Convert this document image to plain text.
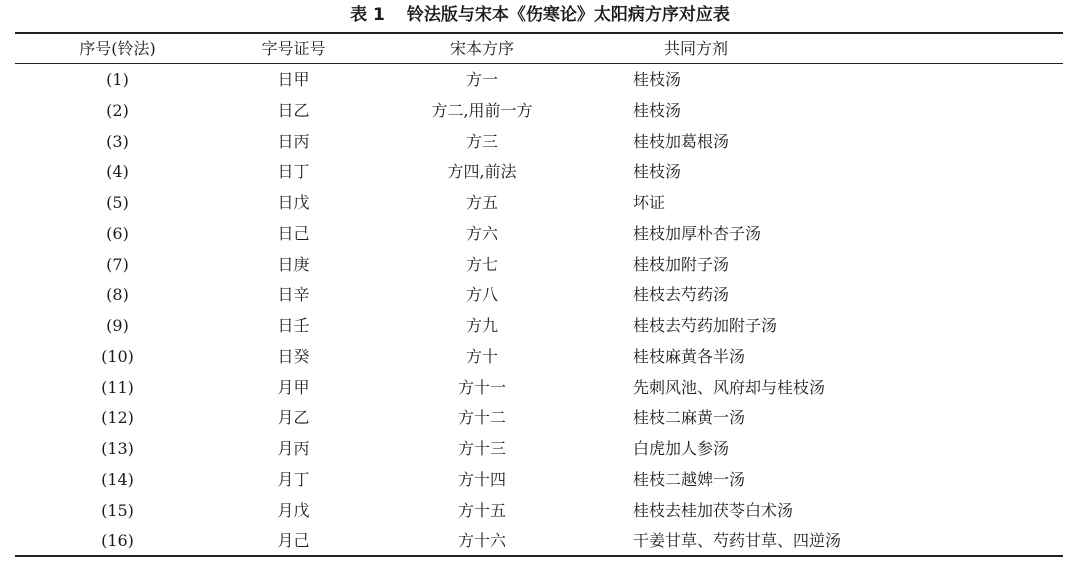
表 1 铃法版与宋本《伤寒论》太阳病方序对应表
序号(铃法)	字号证号	宋本方序	共同方剂
(1)	日甲	方一	桂枝汤
(2)	日乙	方二,用前一方	桂枝汤
(3)	日丙	方三	桂枝加葛根汤
(4)	日丁	方四,前法	桂枝汤
(5)	日戊	方五	坏证
(6)	日己	方六	桂枝加厚朴杏子汤
(7)	日庚	方七	桂枝加附子汤
(8)	日辛	方八	桂枝去芍药汤
(9)	日壬	方九	桂枝去芍药加附子汤
(10)	日癸	方十	桂枝麻黄各半汤
(11)	月甲	方十一	先刺风池、风府却与桂枝汤
(12)	月乙	方十二	桂枝二麻黄一汤
(13)	月丙	方十三	白虎加人参汤
(14)	月丁	方十四	桂枝二越婢一汤
(15)	月戊	方十五	桂枝去桂加茯苓白术汤
(16)	月己	方十六	干姜甘草、芍药甘草、四逆汤
